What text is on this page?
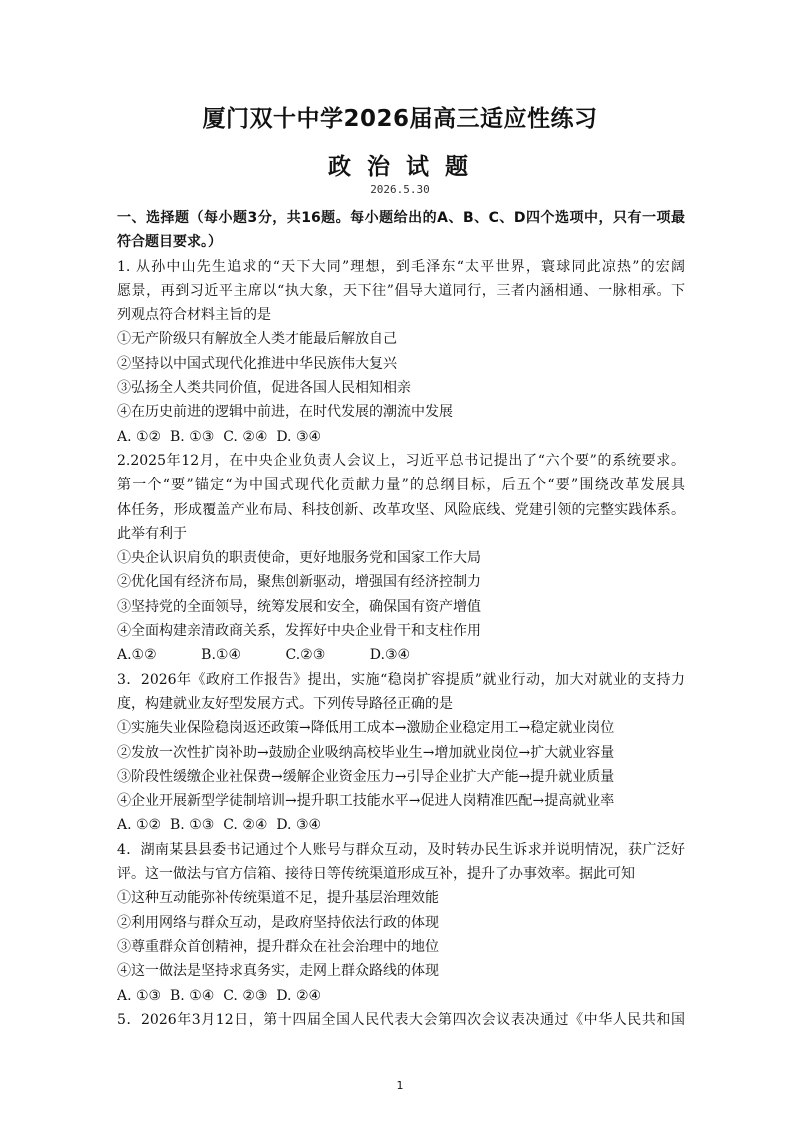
厦门双十中学2026届高三适应性练习
政 治 试 题
2026.5.30
一、选择题（每小题3分，共16题。每小题给出的A、B、C、D四个选项中，只有一项最
符合题目要求。）
1. 从孙中山先生追求的“天下大同”理想，到毛泽东“太平世界，寰球同此凉热”的宏阔
愿景，再到习近平主席以“执大象，天下往”倡导大道同行，三者内涵相通、一脉相承。下
列观点符合材料主旨的是
①无产阶级只有解放全人类才能最后解放自己
②坚持以中国式现代化推进中华民族伟大复兴
③弘扬全人类共同价值，促进各国人民相知相亲
④在历史前进的逻辑中前进，在时代发展的潮流中发展
A. ①②  B. ①③  C. ②④  D. ③④
2.2025年12月，在中央企业负责人会议上，习近平总书记提出了“六个要”的系统要求。
第一个“要”锚定“为中国式现代化贡献力量”的总纲目标，后五个“要”围绕改革发展具
体任务，形成覆盖产业布局、科技创新、改革攻坚、风险底线、党建引领的完整实践体系。
此举有利于
①央企认识肩负的职责使命，更好地服务党和国家工作大局
②优化国有经济布局，聚焦创新驱动，增强国有经济控制力
③坚持党的全面领导，统筹发展和安全，确保国有资产增值
④全面构建亲清政商关系，发挥好中央企业骨干和支柱作用
A.①②          B.①④          C.②③          D.③④
3．2026年《政府工作报告》提出，实施“稳岗扩容提质”就业行动，加大对就业的支持力
度，构建就业友好型发展方式。下列传导路径正确的是
①实施失业保险稳岗返还政策→降低用工成本→激励企业稳定用工→稳定就业岗位
②发放一次性扩岗补助→鼓励企业吸纳高校毕业生→增加就业岗位→扩大就业容量
③阶段性缓缴企业社保费→缓解企业资金压力→引导企业扩大产能→提升就业质量
④企业开展新型学徒制培训→提升职工技能水平→促进人岗精准匹配→提高就业率
A. ①②  B. ①③  C. ②④  D. ③④
4．湖南某县县委书记通过个人账号与群众互动，及时转办民生诉求并说明情况，获广泛好
评。这一做法与官方信箱、接待日等传统渠道形成互补，提升了办事效率。据此可知
①这种互动能弥补传统渠道不足，提升基层治理效能
②利用网络与群众互动，是政府坚持依法行政的体现
③尊重群众首创精神，提升群众在社会治理中的地位
④这一做法是坚持求真务实，走网上群众路线的体现
A. ①③  B. ①④  C. ②③  D. ②④
5．2026年3月12日，第十四届全国人民代表大会第四次会议表决通过《中华人民共和国
1
